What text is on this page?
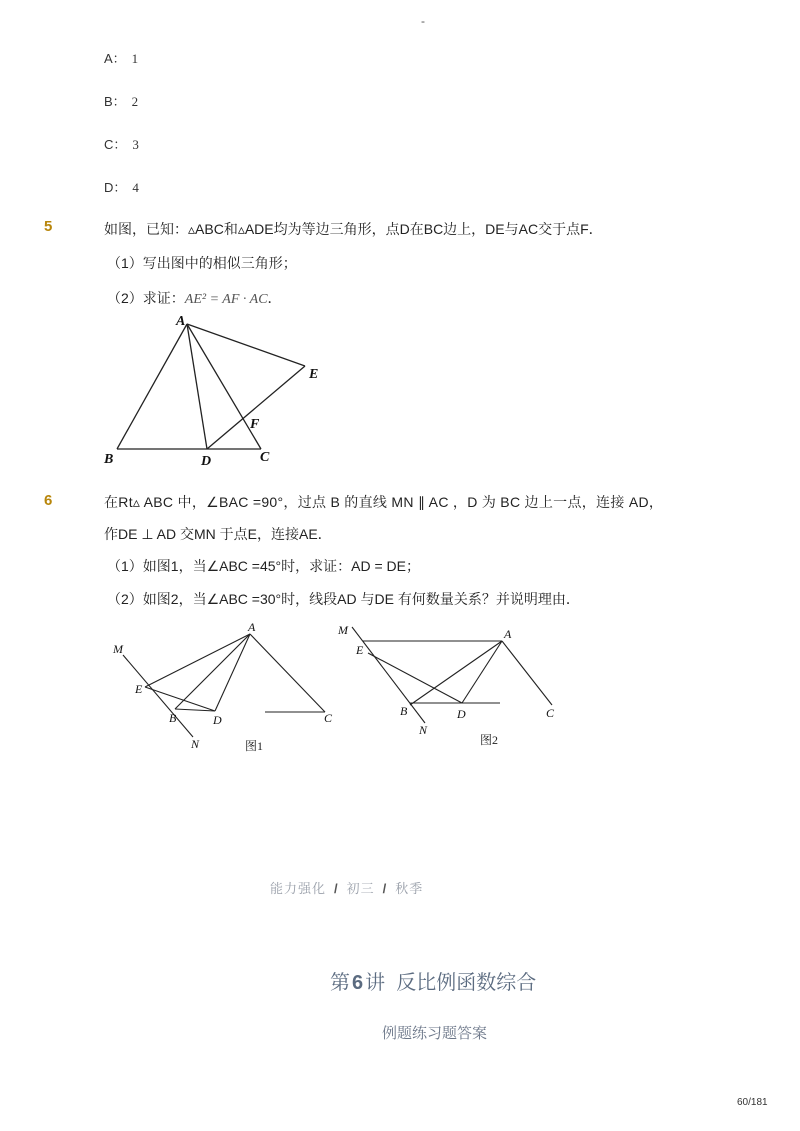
-
A： 1
B： 2
C： 3
D： 4
5	如图，已知：▵ABC和▵ADE均为等边三角形，点D在BC边上，DE与AC交于点F．
（1）写出图中的相似三角形；
（2）求证：AE² = AF · AC．
A
B	D	C
E
F
6	在Rt▵ ABC 中，∠BAC =90°，过点 B 的直线 MN ∥ AC ，D 为 BC 边上一点，连接 AD，
作DE ⊥ AD 交MN 于点E，连接AE．
（1）如图1，当∠ABC =45°时，求证：AD = DE；
（2）如图2，当∠ABC =30°时，线段AD 与DE 有何数量关系？并说明理由．
A
M
E
B	D	C
N	图1
A
M
E
B	D	C
N
图2
能力强化 / 初三 / 秋季
第 6 讲  反比例函数综合
例题练习题答案
60/181
